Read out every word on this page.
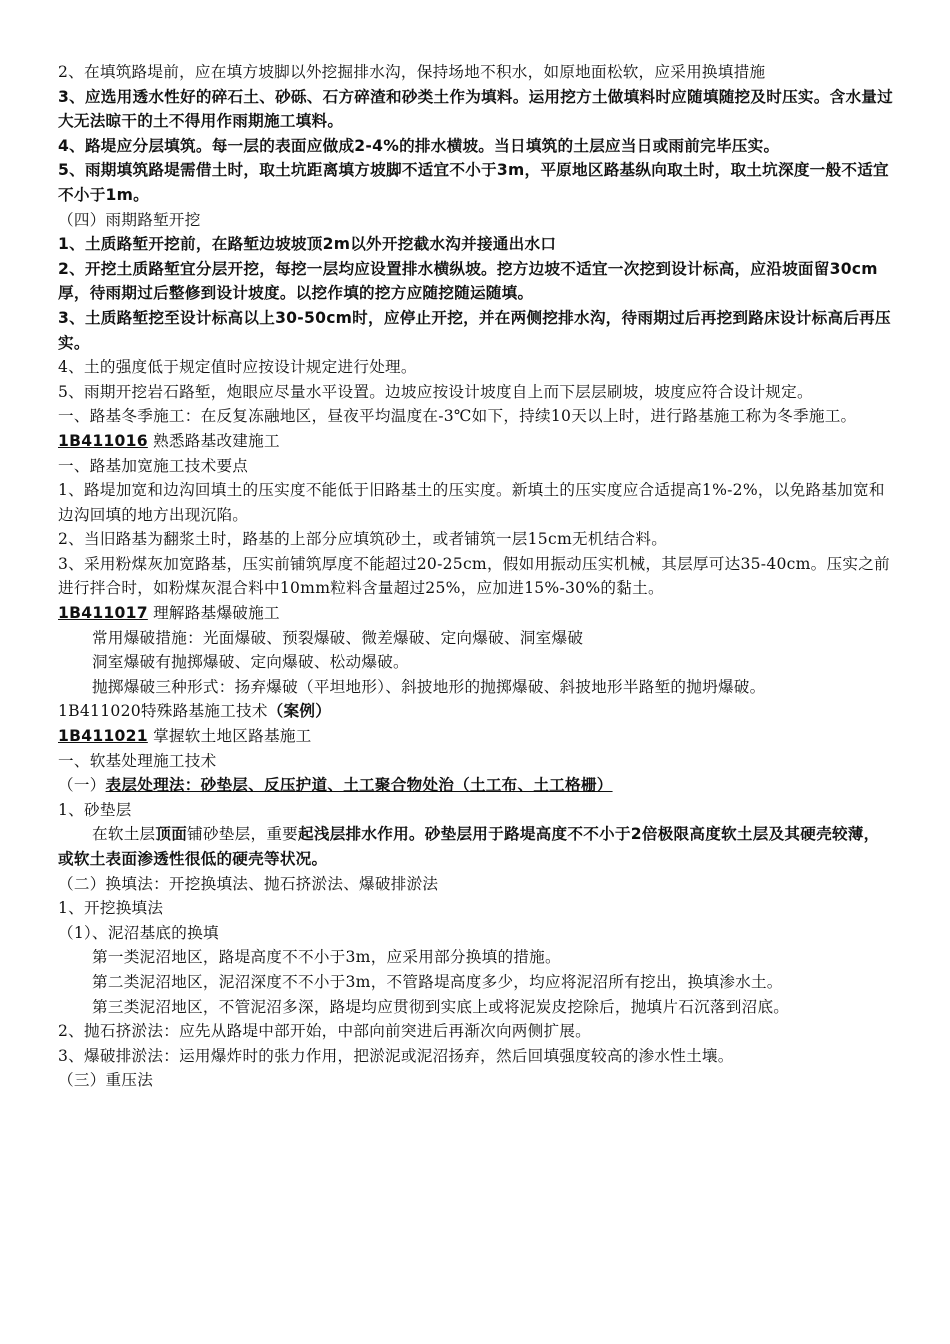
2、在填筑路堤前，应在填方坡脚以外挖掘排水沟，保持场地不积水，如原地面松软，应采用换填措施

3、应选用透水性好的碎石土、砂砾、石方碎渣和砂类土作为填料。运用挖方土做填料时应随填随挖及时压实。含水量过大无法晾干的土不得用作雨期施工填料。

4、路堤应分层填筑。每一层的表面应做成2-4%的排水横坡。当日填筑的土层应当日或雨前完毕压实。

5、雨期填筑路堤需借土时，取土坑距离填方坡脚不适宜不小于3m，平原地区路基纵向取土时，取土坑深度一般不适宜不小于1m。

（四）雨期路堑开挖

1、土质路堑开挖前，在路堑边坡坡顶2m以外开挖截水沟并接通出水口

2、开挖土质路堑宜分层开挖，每挖一层均应设置排水横纵坡。挖方边坡不适宜一次挖到设计标高，应沿坡面留30cm厚，待雨期过后整修到设计坡度。以挖作填的挖方应随挖随运随填。

3、土质路堑挖至设计标高以上30-50cm时，应停止开挖，并在两侧挖排水沟，待雨期过后再挖到路床设计标高后再压实。

4、土的强度低于规定值时应按设计规定进行处理。

5、雨期开挖岩石路堑，炮眼应尽量水平设置。边坡应按设计坡度自上而下层层刷坡，坡度应符合设计规定。

一、路基冬季施工：在反复冻融地区，昼夜平均温度在-3℃如下，持续10天以上时，进行路基施工称为冬季施工。

1B411016 熟悉路基改建施工

一、路基加宽施工技术要点

1、路堤加宽和边沟回填土的压实度不能低于旧路基土的压实度。新填土的压实度应合适提高1%-2%，以免路基加宽和边沟回填的地方出现沉陷。

2、当旧路基为翻浆土时，路基的上部分应填筑砂土，或者铺筑一层15cm无机结合料。

3、采用粉煤灰加宽路基，压实前铺筑厚度不能超过20-25cm，假如用振动压实机械，其层厚可达35-40cm。压实之前进行拌合时，如粉煤灰混合料中10mm粒料含量超过25%，应加进15%-30%的黏土。

1B411017 理解路基爆破施工

常用爆破措施：光面爆破、预裂爆破、微差爆破、定向爆破、洞室爆破

洞室爆破有抛掷爆破、定向爆破、松动爆破。

抛掷爆破三种形式：扬弃爆破（平坦地形）、斜披地形的抛掷爆破、斜披地形半路堑的抛坍爆破。

1B411020特殊路基施工技术（案例）

1B411021 掌握软土地区路基施工

一、软基处理施工技术

（一）表层处理法：砂垫层、反压护道、土工聚合物处治（土工布、土工格栅）

1、砂垫层

在软土层顶面铺砂垫层，重要起浅层排水作用。砂垫层用于路堤高度不不小于2倍极限高度软土层及其硬壳较薄，或软土表面渗透性很低的硬壳等状况。

（二）换填法：开挖换填法、抛石挤淤法、爆破排淤法

1、开挖换填法

（1）、泥沼基底的换填

第一类泥沼地区，路堤高度不不小于3m，应采用部分换填的措施。

第二类泥沼地区，泥沼深度不不小于3m，不管路堤高度多少，均应将泥沼所有挖出，换填渗水土。

第三类泥沼地区，不管泥沼多深，路堤均应贯彻到实底上或将泥炭皮挖除后，抛填片石沉落到沼底。

2、抛石挤淤法：应先从路堤中部开始，中部向前突进后再渐次向两侧扩展。

3、爆破排淤法：运用爆炸时的张力作用，把淤泥或泥沼扬弃，然后回填强度较高的渗水性土壤。

（三）重压法
